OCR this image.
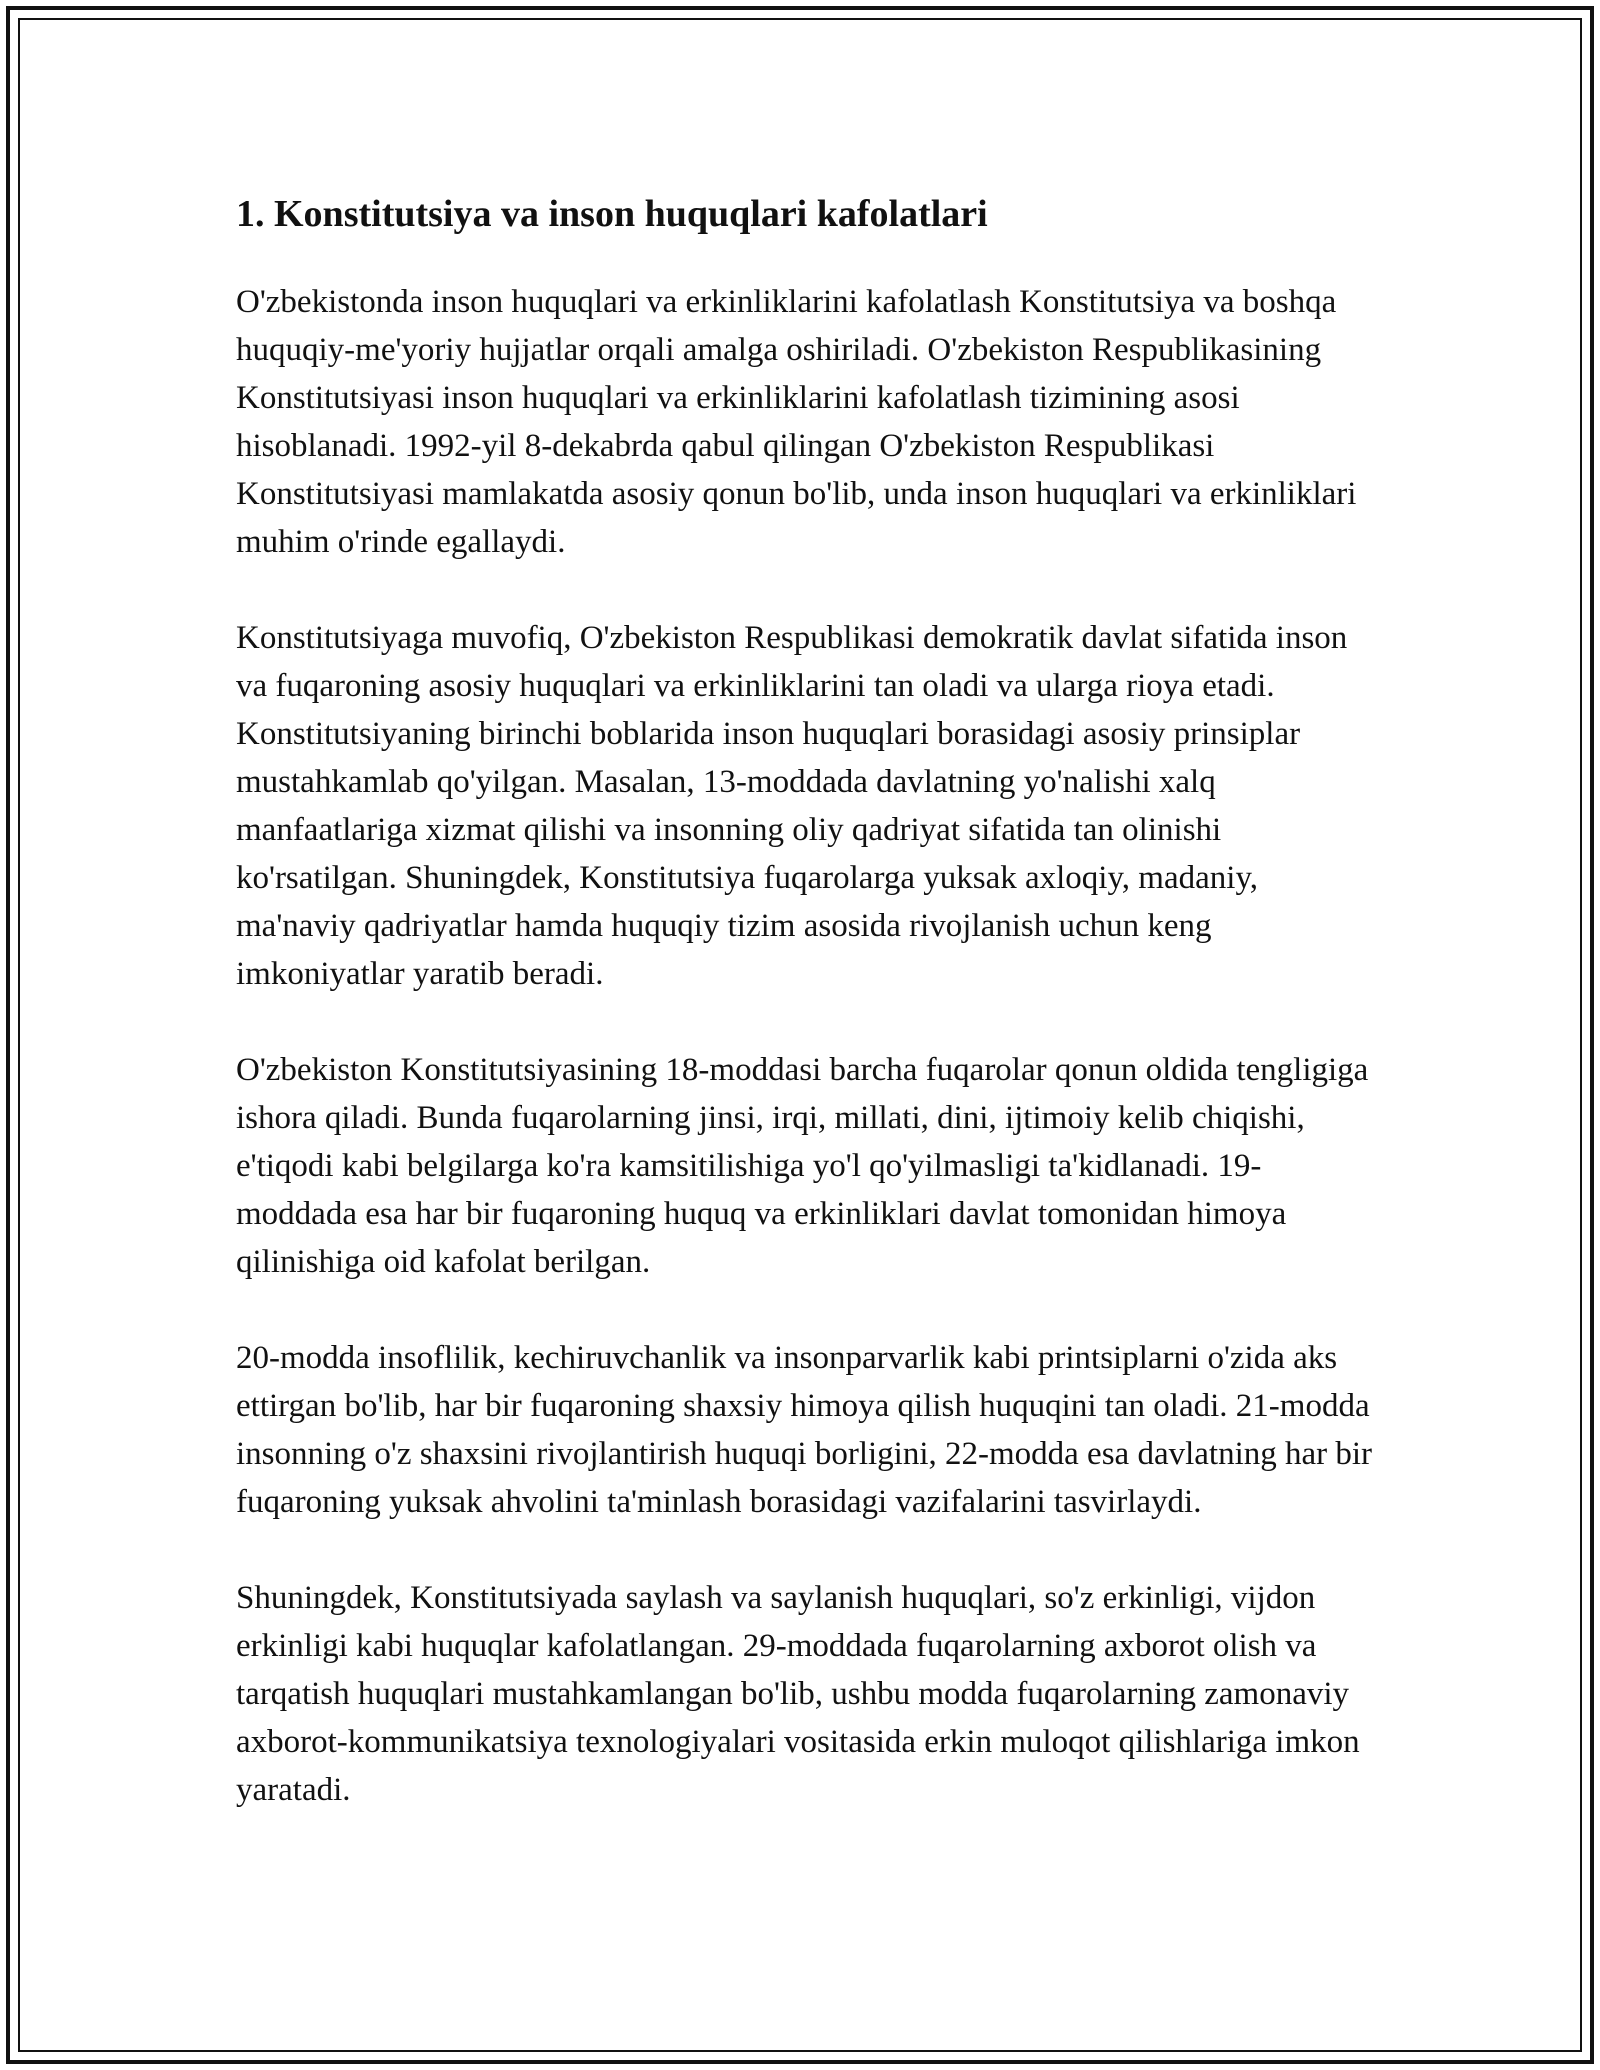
1. Konstitutsiya va inson huquqlari kafolatlari

O'zbekistonda inson huquqlari va erkinliklarini kafolatlash Konstitutsiya va boshqa huquqiy-me'yoriy hujjatlar orqali amalga oshiriladi. O'zbekiston Respublikasining Konstitutsiyasi inson huquqlari va erkinliklarini kafolatlash tizimining asosi hisoblanadi. 1992-yil 8-dekabrda qabul qilingan O'zbekiston Respublikasi Konstitutsiyasi mamlakatda asosiy qonun bo'lib, unda inson huquqlari va erkinliklari muhim o'rinde egallaydi.

Konstitutsiyaga muvofiq, O'zbekiston Respublikasi demokratik davlat sifatida inson va fuqaroning asosiy huquqlari va erkinliklarini tan oladi va ularga rioya etadi. Konstitutsiyaning birinchi boblarida inson huquqlari borasidagi asosiy prinsiplar mustahkamlab qo'yilgan. Masalan, 13-moddada davlatning yo'nalishi xalq manfaatlariga xizmat qilishi va insonning oliy qadriyat sifatida tan olinishi ko'rsatilgan. Shuningdek, Konstitutsiya fuqarolarga yuksak axloqiy, madaniy, ma'naviy qadriyatlar hamda huquqiy tizim asosida rivojlanish uchun keng imkoniyatlar yaratib beradi.

O'zbekiston Konstitutsiyasining 18-moddasi barcha fuqarolar qonun oldida tengligiga ishora qiladi. Bunda fuqarolarning jinsi, irqi, millati, dini, ijtimoiy kelib chiqishi, e'tiqodi kabi belgilarga ko'ra kamsitilishiga yo'l qo'yilmasligi ta'kidlanadi. 19-moddada esa har bir fuqaroning huquq va erkinliklari davlat tomonidan himoya qilinishiga oid kafolat berilgan.

20-modda insoflilik, kechiruvchanlik va insonparvarlik kabi printsiplarni o'zida aks ettirgan bo'lib, har bir fuqaroning shaxsiy himoya qilish huquqini tan oladi. 21-modda insonning o'z shaxsini rivojlantirish huquqi borligini, 22-modda esa davlatning har bir fuqaroning yuksak ahvolini ta'minlash borasidagi vazifalarini tasvirlaydi.

Shuningdek, Konstitutsiyada saylash va saylanish huquqlari, so'z erkinligi, vijdon erkinligi kabi huquqlar kafolatlangan. 29-moddada fuqarolarning axborot olish va tarqatish huquqlari mustahkamlangan bo'lib, ushbu modda fuqarolarning zamonaviy axborot-kommunikatsiya texnologiyalari vositasida erkin muloqot qilishlariga imkon yaratadi.
